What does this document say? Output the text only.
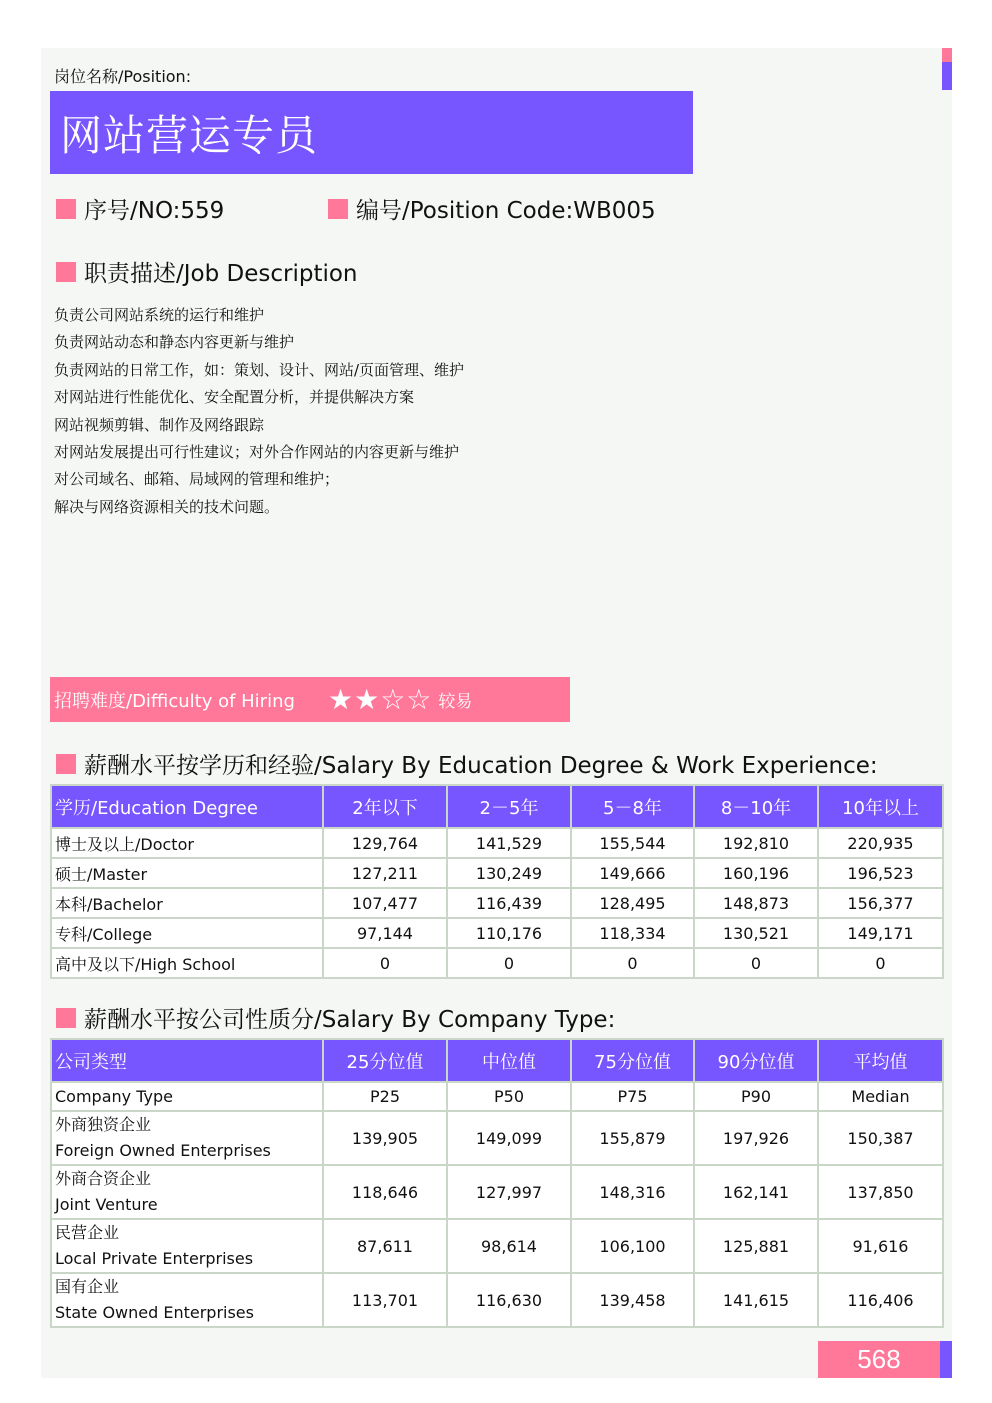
岗位名称/Position:
网站营运专员
序号/NO:559	编号/Position Code:WB005
职责描述/Job Description
负责公司网站系统的运行和维护
负责网站动态和静态内容更新与维护
负责网站的日常工作，如：策划、设计、网站/页面管理、维护
对网站进行性能优化、安全配置分析，并提供解决方案
网站视频剪辑、制作及网络跟踪
对网站发展提出可行性建议；对外合作网站的内容更新与维护
对公司域名、邮箱、局域网的管理和维护；
解决与网络资源相关的技术问题。
招聘难度/Difficulty of Hiring	★★☆☆ 较易
薪酬水平按学历和经验/Salary By Education Degree & Work Experience:
学历/Education Degree	2年以下	2－5年	5－8年	8－10年	10年以上
博士及以上/Doctor	129,764	141,529	155,544	192,810	220,935
硕士/Master	127,211	130,249	149,666	160,196	196,523
本科/Bachelor	107,477	116,439	128,495	148,873	156,377
专科/College	97,144	110,176	118,334	130,521	149,171
高中及以下/High School	0	0	0	0	0
薪酬水平按公司性质分/Salary By Company Type:
公司类型	25分位值	中位值	75分位值	90分位值	平均值
Company Type	P25	P50	P75	P90	Median

外商独资企业
Foreign Owned Enterprises	139,905	149,099	155,879	197,926	150,387

外商合资企业
Joint Venture	118,646	127,997	148,316	162,141	137,850

民营企业
Local Private Enterprises	87,611	98,614	106,100	125,881	91,616

国有企业
State Owned Enterprises	113,701	116,630	139,458	141,615	116,406
568
